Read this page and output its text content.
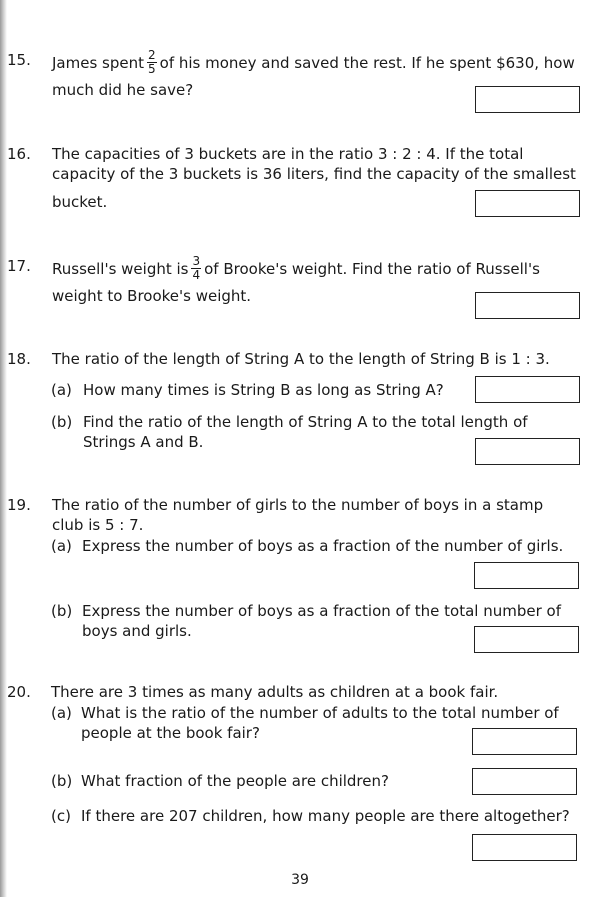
15. James spent $\frac{2}{5}$ of his money and saved the rest. If he spent $630, how
much did he save?
16. The capacities of 3 buckets are in the ratio 3 : 2 : 4. If the total
capacity of the 3 buckets is 36 liters, find the capacity of the smallest
bucket.
17. Russell's weight is $\frac{3}{4}$ of Brooke's weight. Find the ratio of Russell's
weight to Brooke's weight.
18. The ratio of the length of String A to the length of String B is 1 : 3.
(a) How many times is String B as long as String A?
(b) Find the ratio of the length of String A to the total length of
Strings A and B.
19. The ratio of the number of girls to the number of boys in a stamp
club is 5 : 7.
(a) Express the number of boys as a fraction of the number of girls.
(b) Express the number of boys as a fraction of the total number of
boys and girls.
20. There are 3 times as many adults as children at a book fair.
(a) What is the ratio of the number of adults to the total number of
people at the book fair?
(b) What fraction of the people are children?
(c) If there are 207 children, how many people are there altogether?
39
